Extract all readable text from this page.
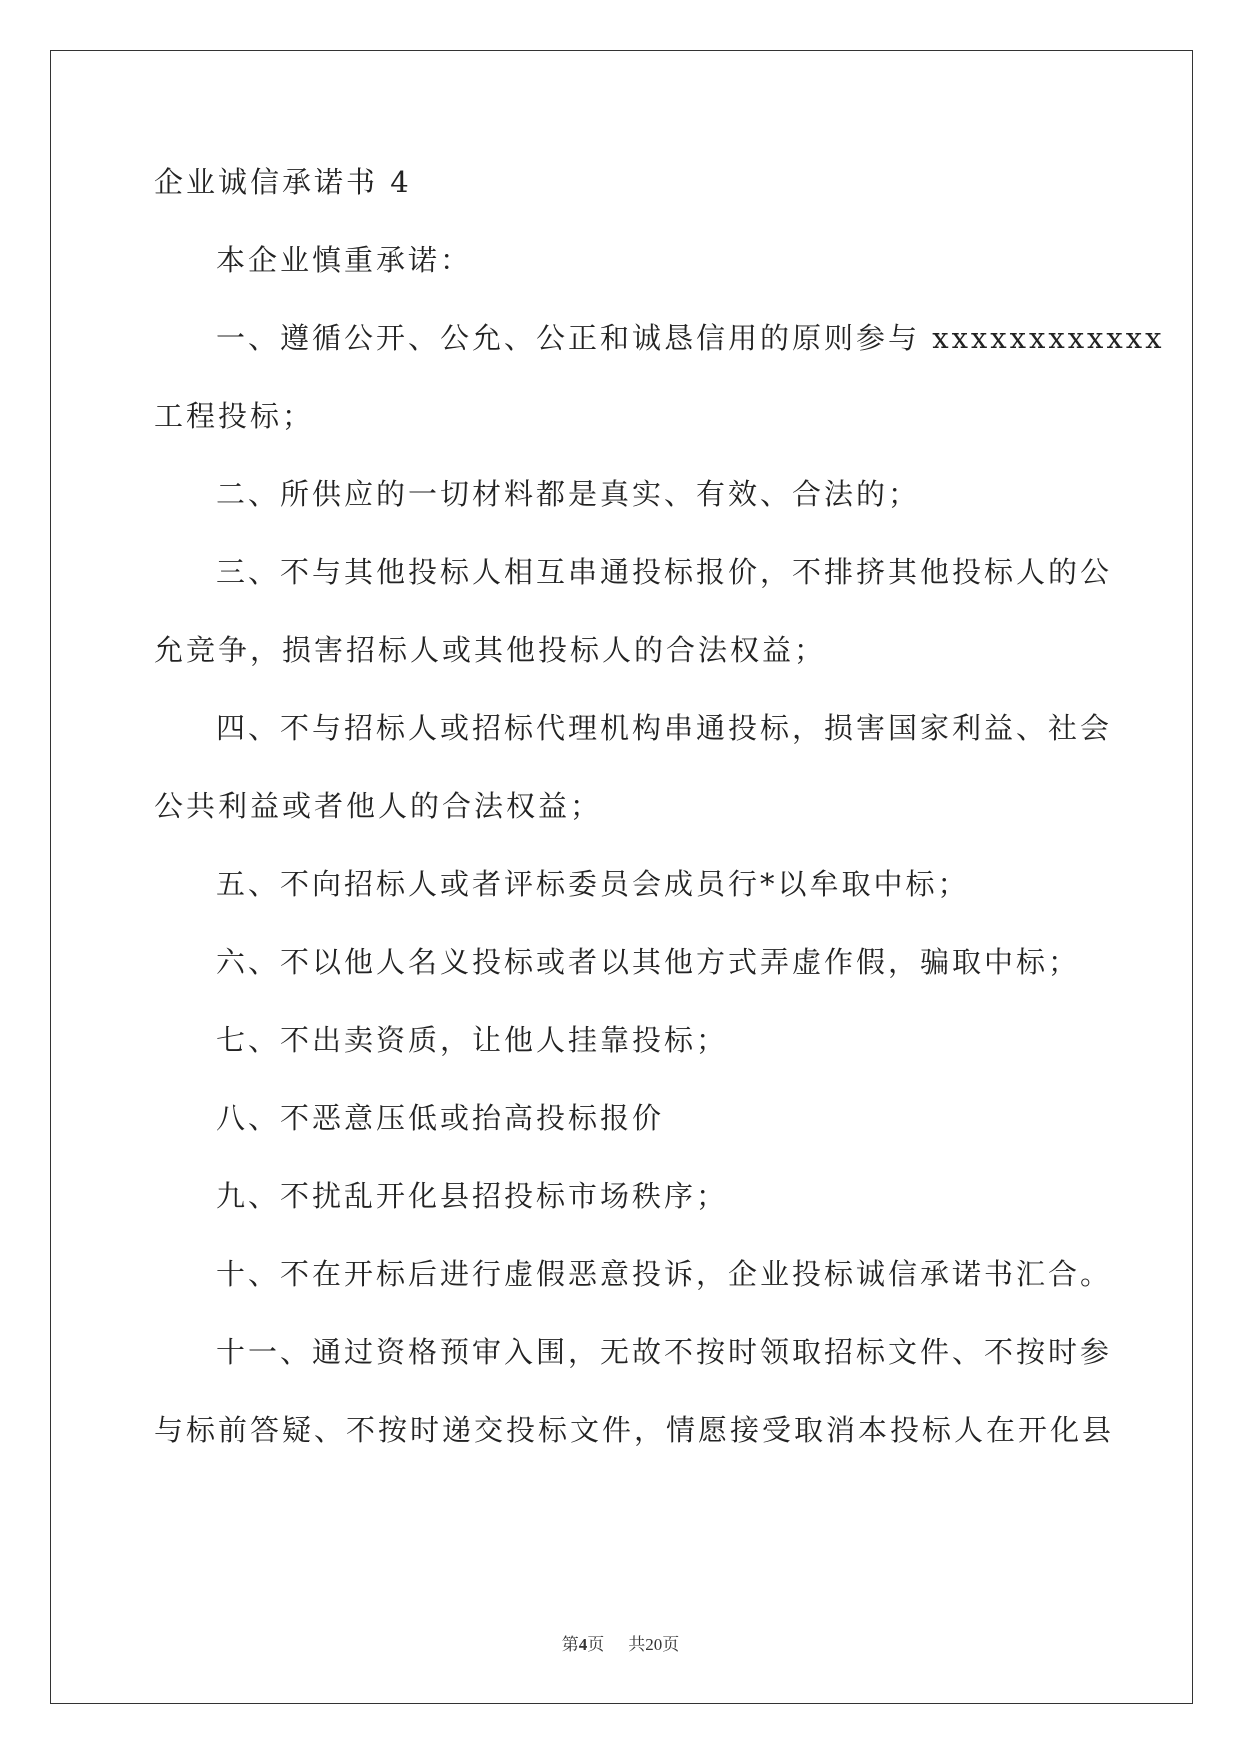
企业诚信承诺书 4
本企业慎重承诺：
一、遵循公开、公允、公正和诚恳信用的原则参与 xxxxxxxxxxxx
工程投标；
二、所供应的一切材料都是真实、有效、合法的；
三、不与其他投标人相互串通投标报价，不排挤其他投标人的公
允竞争，损害招标人或其他投标人的合法权益；
四、不与招标人或招标代理机构串通投标，损害国家利益、社会
公共利益或者他人的合法权益；
五、不向招标人或者评标委员会成员行*以牟取中标；
六、不以他人名义投标或者以其他方式弄虚作假，骗取中标；
七、不出卖资质，让他人挂靠投标；
八、不恶意压低或抬高投标报价
九、不扰乱开化县招投标市场秩序；
十、不在开标后进行虚假恶意投诉，企业投标诚信承诺书汇合。
十一、通过资格预审入围，无故不按时领取招标文件、不按时参
与标前答疑、不按时递交投标文件，情愿接受取消本投标人在开化县
第4页 共20页
